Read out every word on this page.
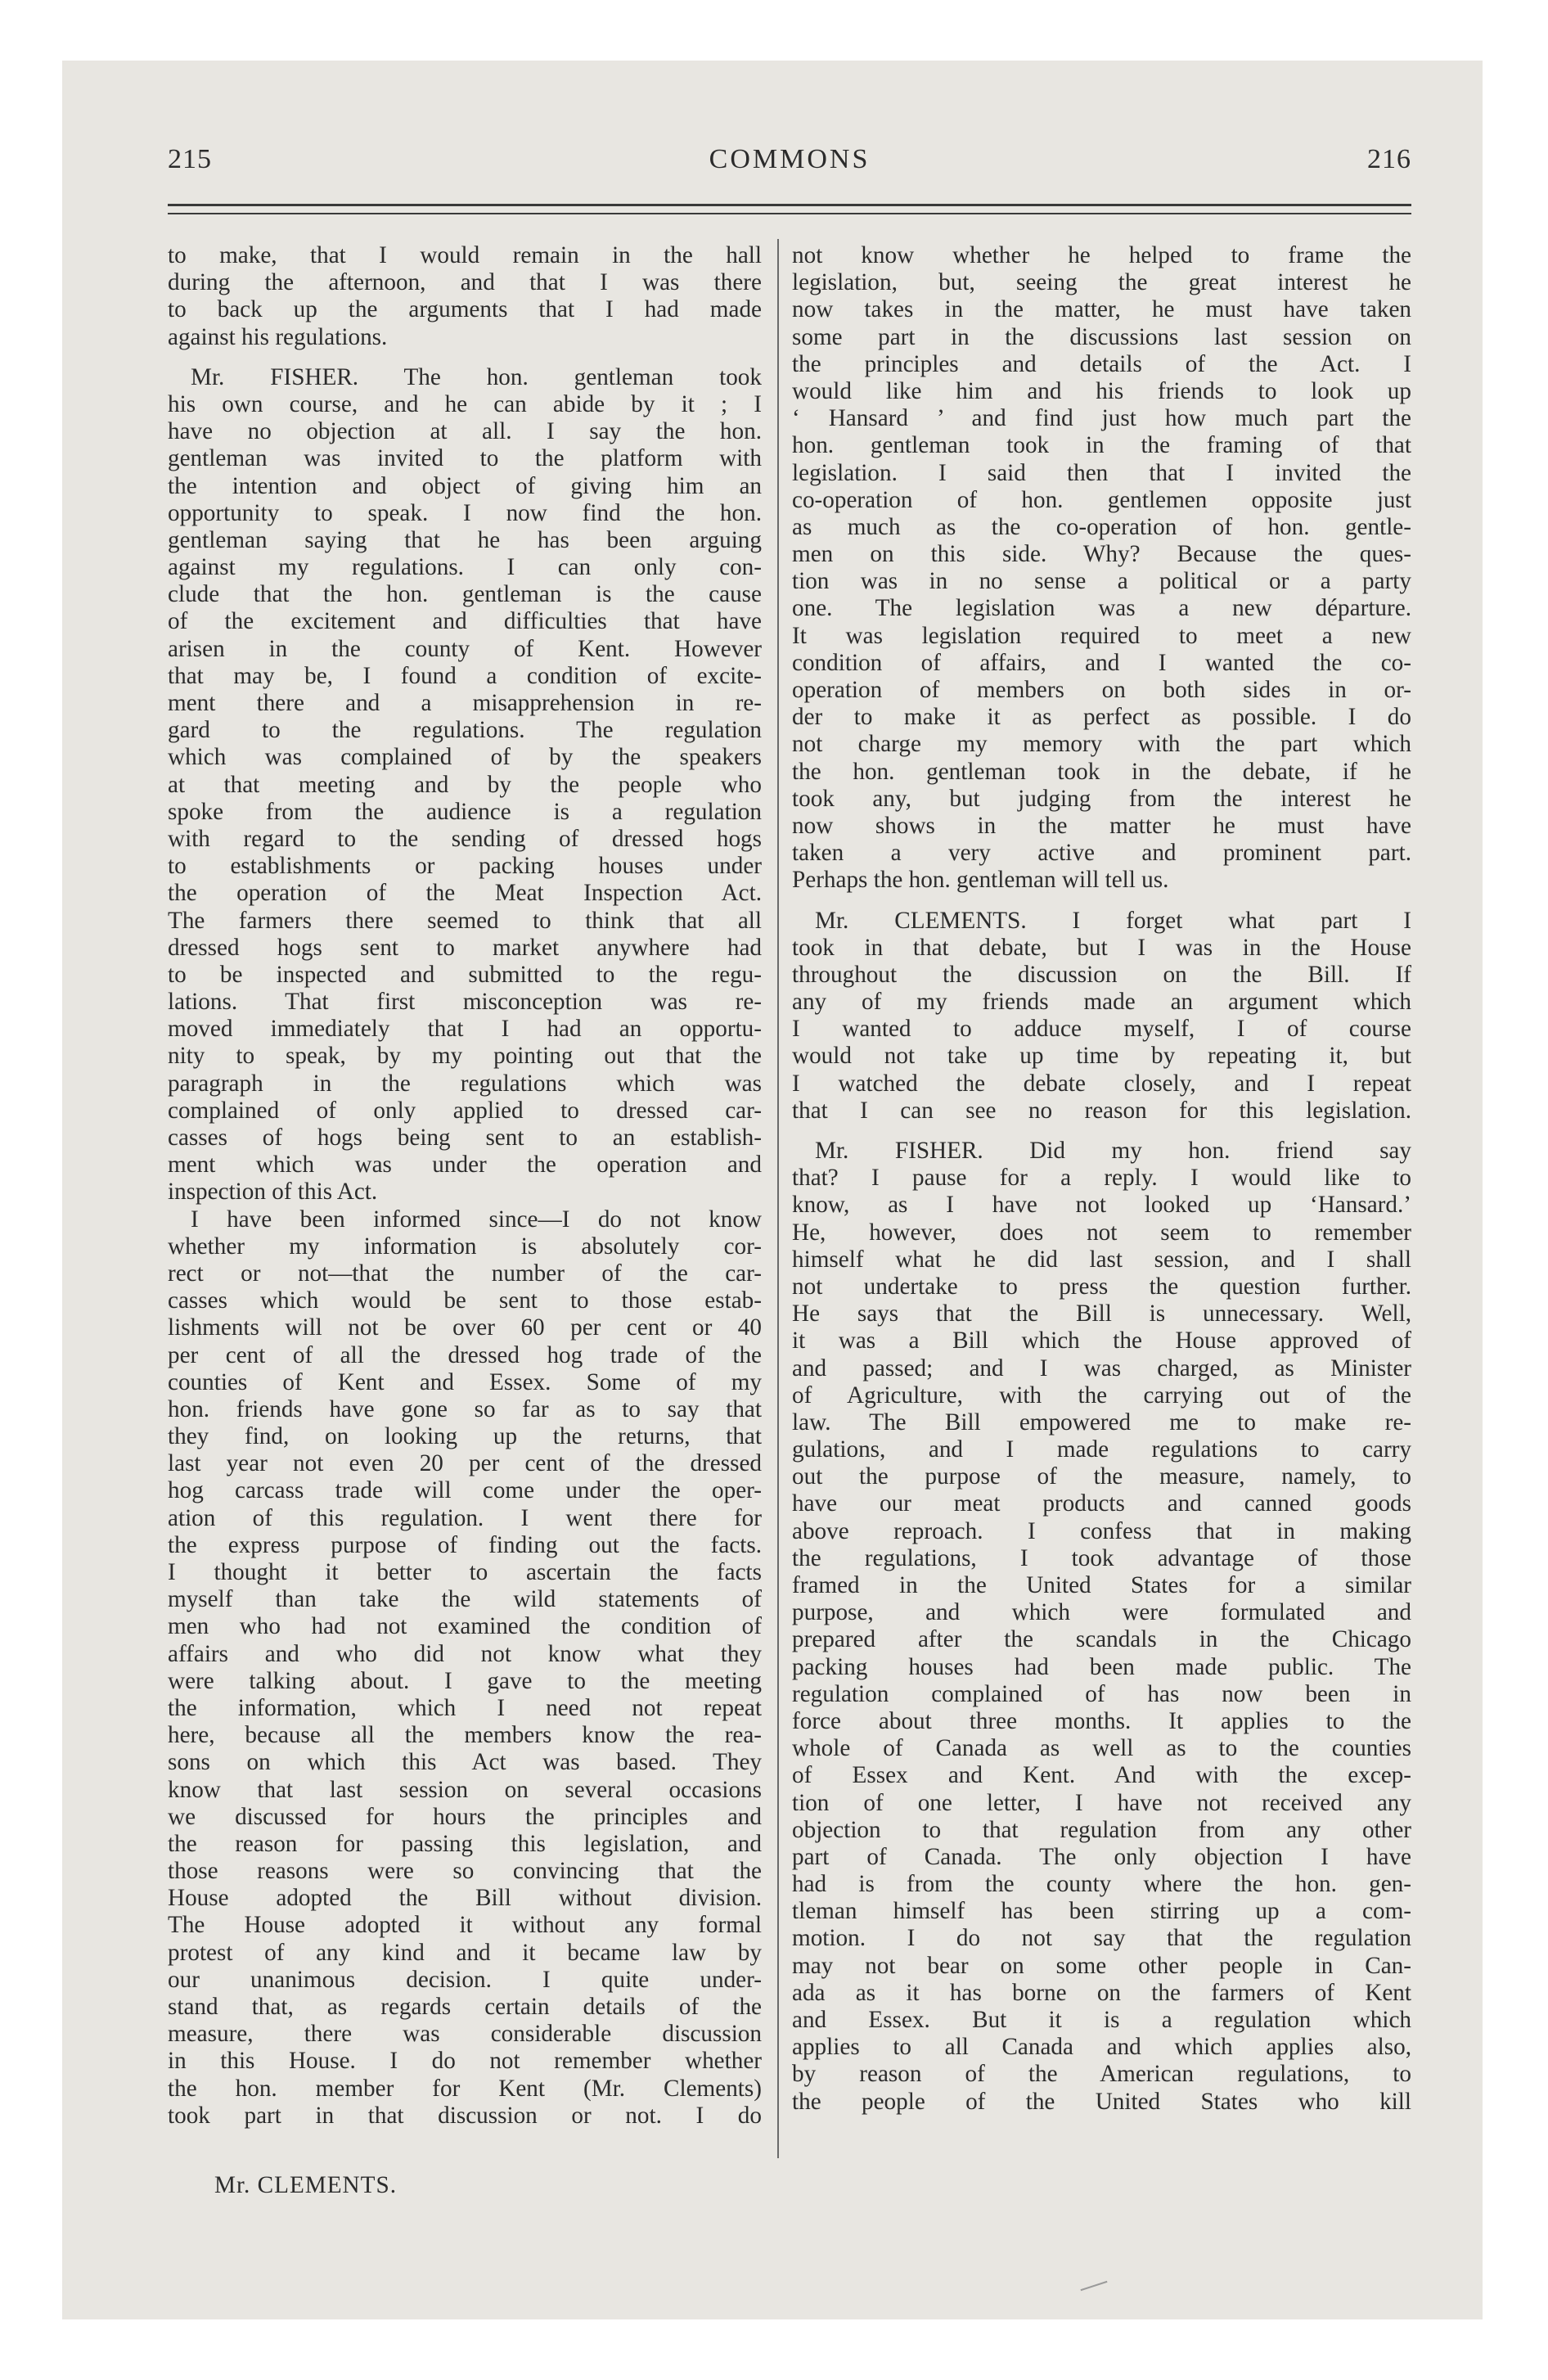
215	COMMONS	216
to make, that I would remain in the hall
during the afternoon, and that I was there
to back up the arguments that I had made
against his regulations.
Mr. FISHER. The hon. gentleman took
his own course, and he can abide by it ; I
have no objection at all. I say the hon.
gentleman was invited to the platform with
the intention and object of giving him an
opportunity to speak. I now find the hon.
gentleman saying that he has been arguing
against my regulations. I can only con-
clude that the hon. gentleman is the cause
of the excitement and difficulties that have
arisen in the county of Kent. However
that may be, I found a condition of excite-
ment there and a misapprehension in re-
gard to the regulations. The regulation
which was complained of by the speakers
at that meeting and by the people who
spoke from the audience is a regulation
with regard to the sending of dressed hogs
to establishments or packing houses under
the operation of the Meat Inspection Act.
The farmers there seemed to think that all
dressed hogs sent to market anywhere had
to be inspected and submitted to the regu-
lations. That first misconception was re-
moved immediately that I had an opportu-
nity to speak, by my pointing out that the
paragraph in the regulations which was
complained of only applied to dressed car-
casses of hogs being sent to an establish-
ment which was under the operation and
inspection of this Act.
I have been informed since—I do not know
whether my information is absolutely cor-
rect or not—that the number of the car-
casses which would be sent to those estab-
lishments will not be over 60 per cent or 40
per cent of all the dressed hog trade of the
counties of Kent and Essex. Some of my
hon. friends have gone so far as to say that
they find, on looking up the returns, that
last year not even 20 per cent of the dressed
hog carcass trade will come under the oper-
ation of this regulation. I went there for
the express purpose of finding out the facts.
I thought it better to ascertain the facts
myself than take the wild statements of
men who had not examined the condition of
affairs and who did not know what they
were talking about. I gave to the meeting
the information, which I need not repeat
here, because all the members know the rea-
sons on which this Act was based. They
know that last session on several occasions
we discussed for hours the principles and
the reason for passing this legislation, and
those reasons were so convincing that the
House adopted the Bill without division.
The House adopted it without any formal
protest of any kind and it became law by
our unanimous decision. I quite under-
stand that, as regards certain details of the
measure, there was considerable discussion
in this House. I do not remember whether
the hon. member for Kent (Mr. Clements)
took part in that discussion or not. I do
not know whether he helped to frame the
legislation, but, seeing the great interest he
now takes in the matter, he must have taken
some part in the discussions last session on
the principles and details of the Act. I
would like him and his friends to look up
‘ Hansard ’ and find just how much part the
hon. gentleman took in the framing of that
legislation. I said then that I invited the
co-operation of hon. gentlemen opposite just
as much as the co-operation of hon. gentle-
men on this side. Why? Because the ques-
tion was in no sense a political or a party
one. The legislation was a new départure.
It was legislation required to meet a new
condition of affairs, and I wanted the co-
operation of members on both sides in or-
der to make it as perfect as possible. I do
not charge my memory with the part which
the hon. gentleman took in the debate, if he
took any, but judging from the interest he
now shows in the matter he must have
taken a very active and prominent part.
Perhaps the hon. gentleman will tell us.
Mr. CLEMENTS. I forget what part I
took in that debate, but I was in the House
throughout the discussion on the Bill. If
any of my friends made an argument which
I wanted to adduce myself, I of course
would not take up time by repeating it, but
I watched the debate closely, and I repeat
that I can see no reason for this legislation.
Mr. FISHER. Did my hon. friend say
that? I pause for a reply. I would like to
know, as I have not looked up ‘Hansard.’
He, however, does not seem to remember
himself what he did last session, and I shall
not undertake to press the question further.
He says that the Bill is unnecessary. Well,
it was a Bill which the House approved of
and passed; and I was charged, as Minister
of Agriculture, with the carrying out of the
law. The Bill empowered me to make re-
gulations, and I made regulations to carry
out the purpose of the measure, namely, to
have our meat products and canned goods
above reproach. I confess that in making
the regulations, I took advantage of those
framed in the United States for a similar
purpose, and which were formulated and
prepared after the scandals in the Chicago
packing houses had been made public. The
regulation complained of has now been in
force about three months. It applies to the
whole of Canada as well as to the counties
of Essex and Kent. And with the excep-
tion of one letter, I have not received any
objection to that regulation from any other
part of Canada. The only objection I have
had is from the county where the hon. gen-
tleman himself has been stirring up a com-
motion. I do not say that the regulation
may not bear on some other people in Can-
ada as it has borne on the farmers of Kent
and Essex. But it is a regulation which
applies to all Canada and which applies also,
by reason of the American regulations, to
the people of the United States who kill
Mr. CLEMENTS.
